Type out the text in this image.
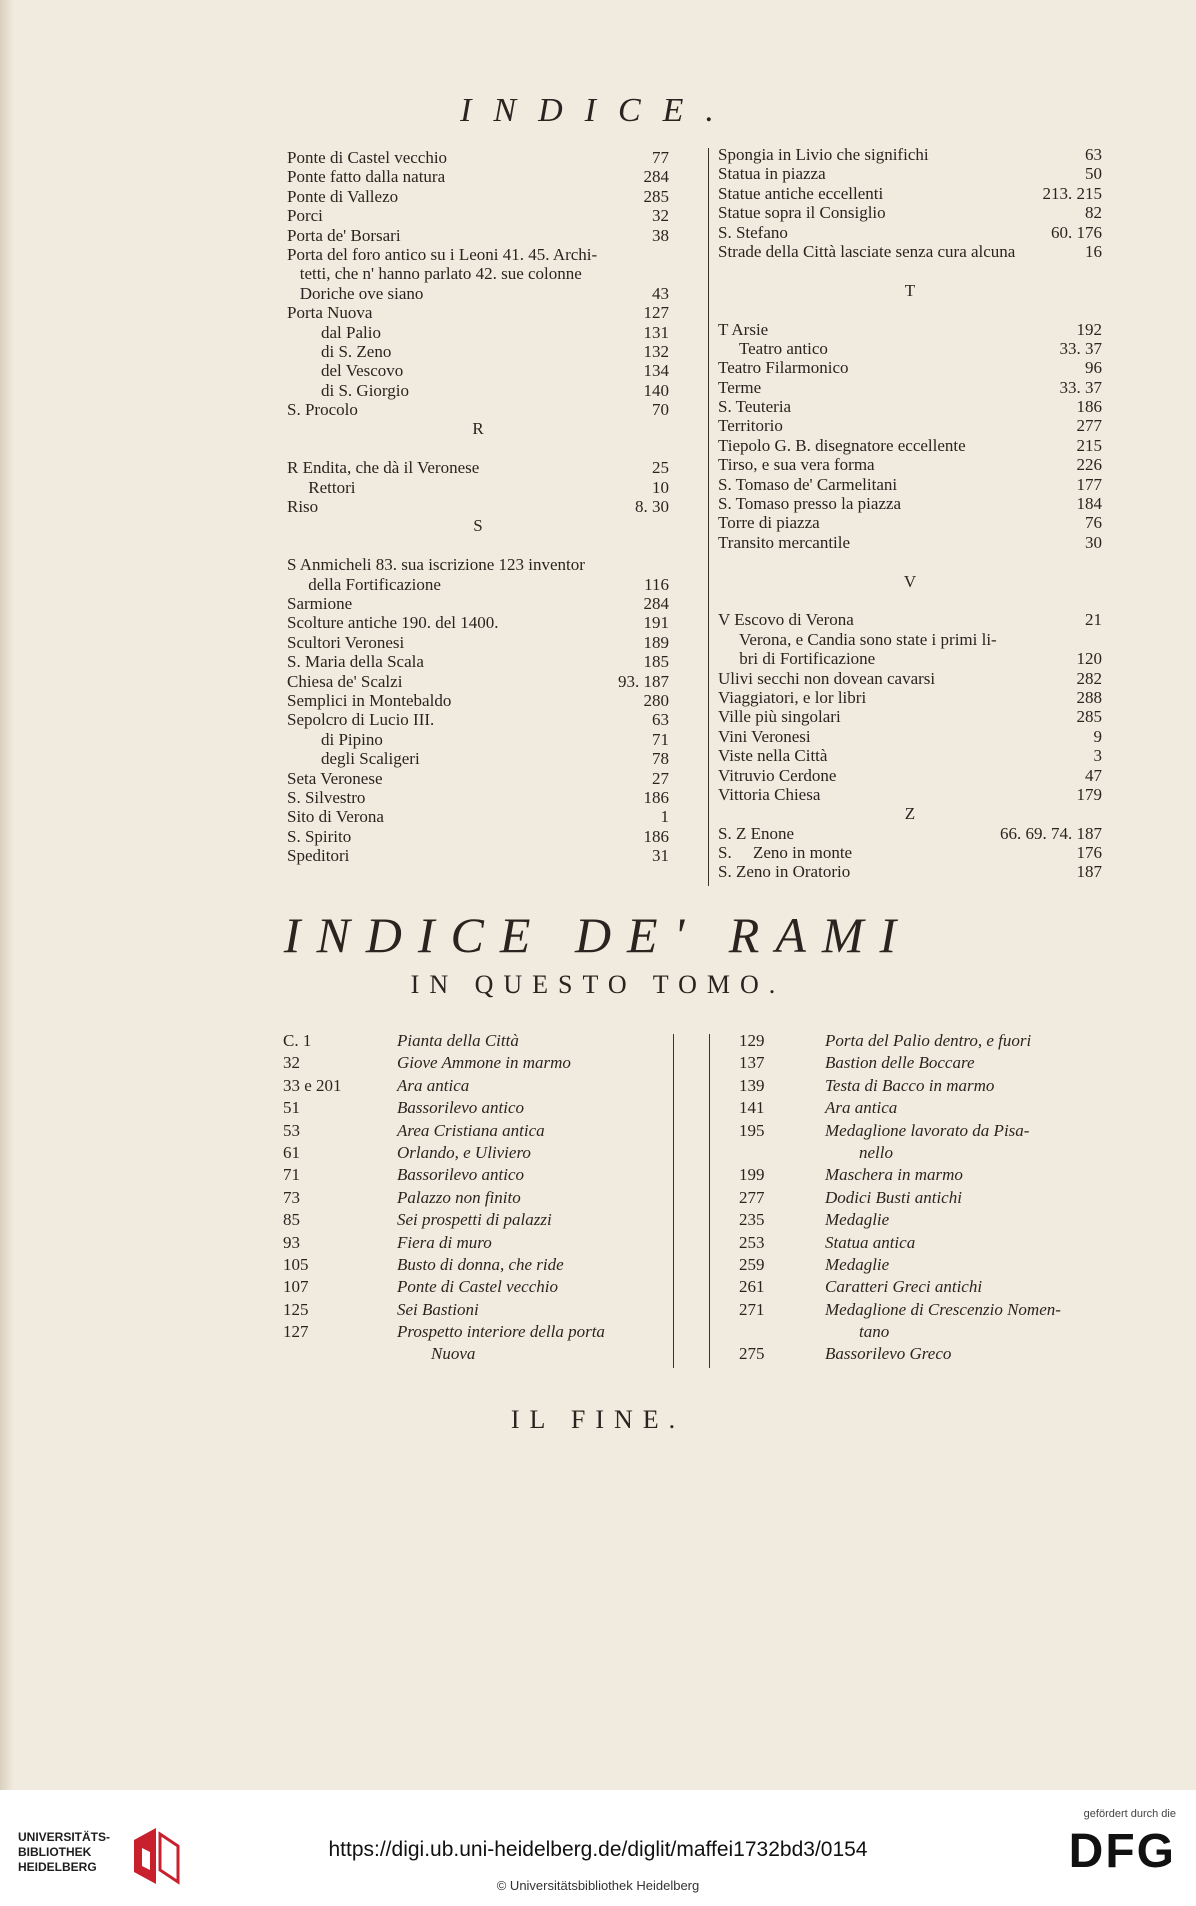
INDICE.
Ponte di Castel vecchio	77
Ponte fatto dalla natura	284
Ponte di Vallezo	285
Porci	32
Porta de' Borsari	38
Porta del foro antico su i Leoni 41. 45. Archi-
tetti, che n' hanno parlato 42. sue colonne
Doriche ove siano	43
Porta Nuova	127
dal Palio	131
di S. Zeno	132
del Vescovo	134
di S. Giorgio	140
S. Procolo	70
R
R Endita, che dà il Veronese	25
Rettori	10
Riso	8. 30
S
S Anmicheli 83. sua iscrizione 123 inventor
della Fortificazione	116
Sarmione	284
Scolture antiche 190. del 1400.	191
Scultori Veronesi	189
S. Maria della Scala	185
Chiesa de' Scalzi	93. 187
Semplici in Montebaldo	280
Sepolcro di Lucio III.	63
di Pipino	71
degli Scaligeri	78
Seta Veronese	27
S. Silvestro	186
Sito di Verona	1
S. Spirito	186
Speditori	31
Spongia in Livio che significhi	63
Statua in piazza	50
Statue antiche eccellenti	213. 215
Statue sopra il Consiglio	82
S. Stefano	60. 176
Strade della Città lasciate senza cura alcuna	16
T
T Arsie	192
Teatro antico	33. 37
Teatro Filarmonico	96
Terme	33. 37
S. Teuteria	186
Territorio	277
Tiepolo G. B. disegnatore eccellente	215
Tirso, e sua vera forma	226
S. Tomaso de' Carmelitani	177
S. Tomaso presso la piazza	184
Torre di piazza	76
Transito mercantile	30
V
V Escovo di Verona	21
Verona, e Candia sono state i primi li-
bri di Fortificazione	120
Ulivi secchi non dovean cavarsi	282
Viaggiatori, e lor libri	288
Ville più singolari	285
Vini Veronesi	9
Viste nella Città	3
Vitruvio Cerdone	47
Vittoria Chiesa	179
Z
S. Z Enone	66. 69. 74. 187
S.     Zeno in monte	176
S. Zeno in Oratorio	187
INDICE DE' RAMI
IN QUESTO TOMO.
C. 1	Pianta della Città
32	Giove Ammone in marmo
33 e 201	Ara antica
51	Bassorilevo antico
53	Area Cristiana antica
61	Orlando, e Uliviero
71	Bassorilevo antico
73	Palazzo non finito
85	Sei prospetti di palazzi
93	Fiera di muro
105	Busto di donna, che ride
107	Ponte di Castel vecchio
125	Sei Bastioni
127	Prospetto interiore della porta
Nuova
129	Porta del Palio dentro, e fuori
137	Bastion delle Boccare
139	Testa di Bacco in marmo
141	Ara antica
195	Medaglione lavorato da Pisa-
nello
199	Maschera in marmo
277	Dodici Busti antichi
235	Medaglie
253	Statua antica
259	Medaglie
261	Caratteri Greci antichi
271	Medaglione di Crescenzio Nomen-
tano
275	Bassorilevo Greco
IL FINE.
UNIVERSITÄTS- BIBLIOTHEK HEIDELBERG
https://digi.ub.uni-heidelberg.de/diglit/maffei1732bd3/0154
© Universitätsbibliothek Heidelberg
gefördert durch die
DFG
